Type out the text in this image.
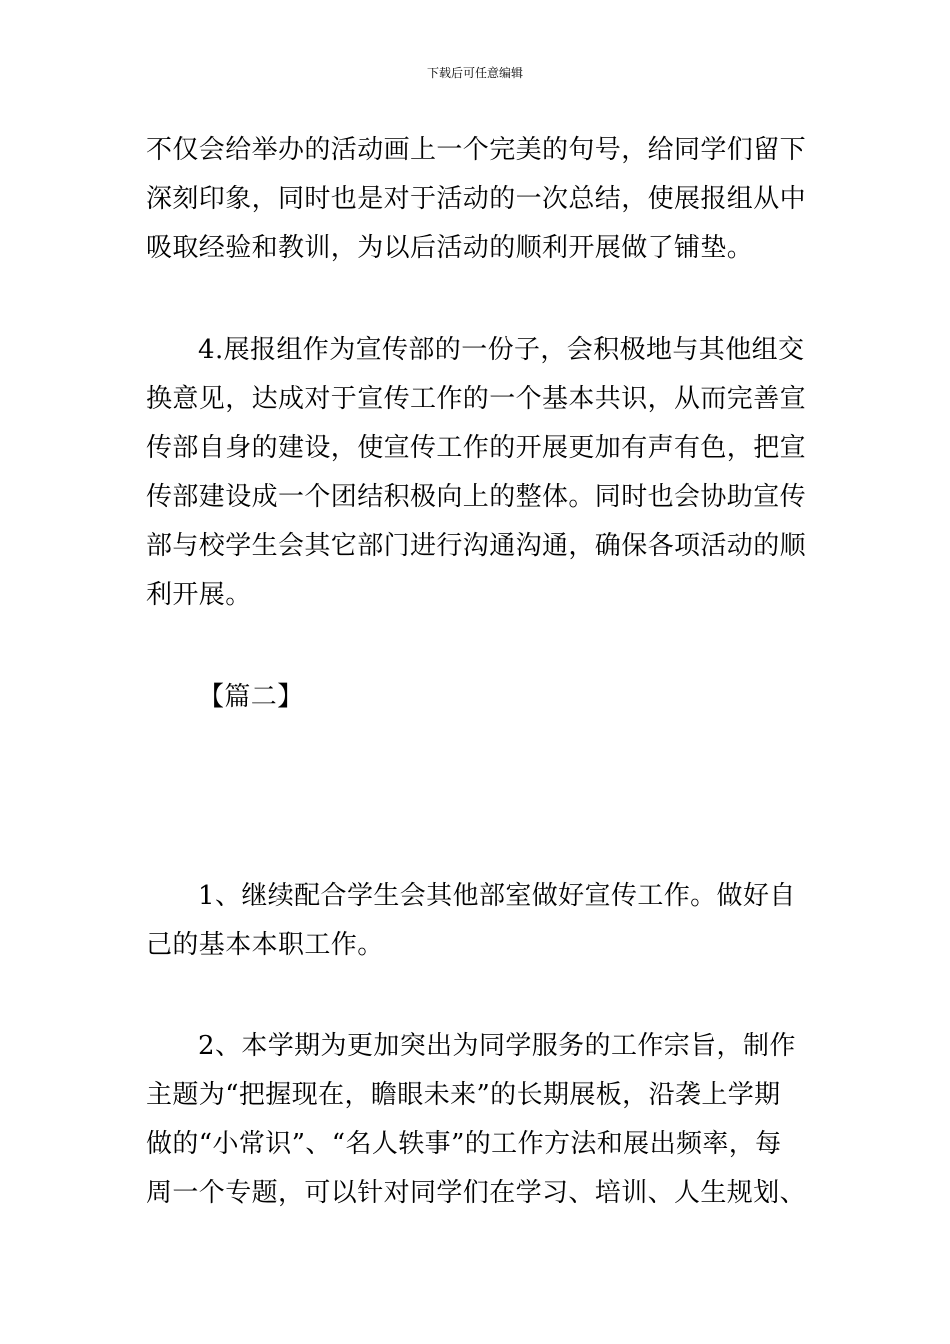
下载后可任意编辑

不仅会给举办的活动画上一个完美的句号，给同学们留下深刻印象，同时也是对于活动的一次总结，使展报组从中吸取经验和教训，为以后活动的顺利开展做了铺垫。

4.展报组作为宣传部的一份子，会积极地与其他组交换意见，达成对于宣传工作的一个基本共识，从而完善宣传部自身的建设，使宣传工作的开展更加有声有色，把宣传部建设成一个团结积极向上的整体。同时也会协助宣传部与校学生会其它部门进行沟通沟通，确保各项活动的顺利开展。

【篇二】

1、继续配合学生会其他部室做好宣传工作。做好自己的基本本职工作。

2、本学期为更加突出为同学服务的工作宗旨，制作主题为“把握现在，瞻眼未来”的长期展板，沿袭上学期做的“小常识”、“名人轶事”的工作方法和展出频率，每周一个专题，可以针对同学们在学习、培训、人生规划、
